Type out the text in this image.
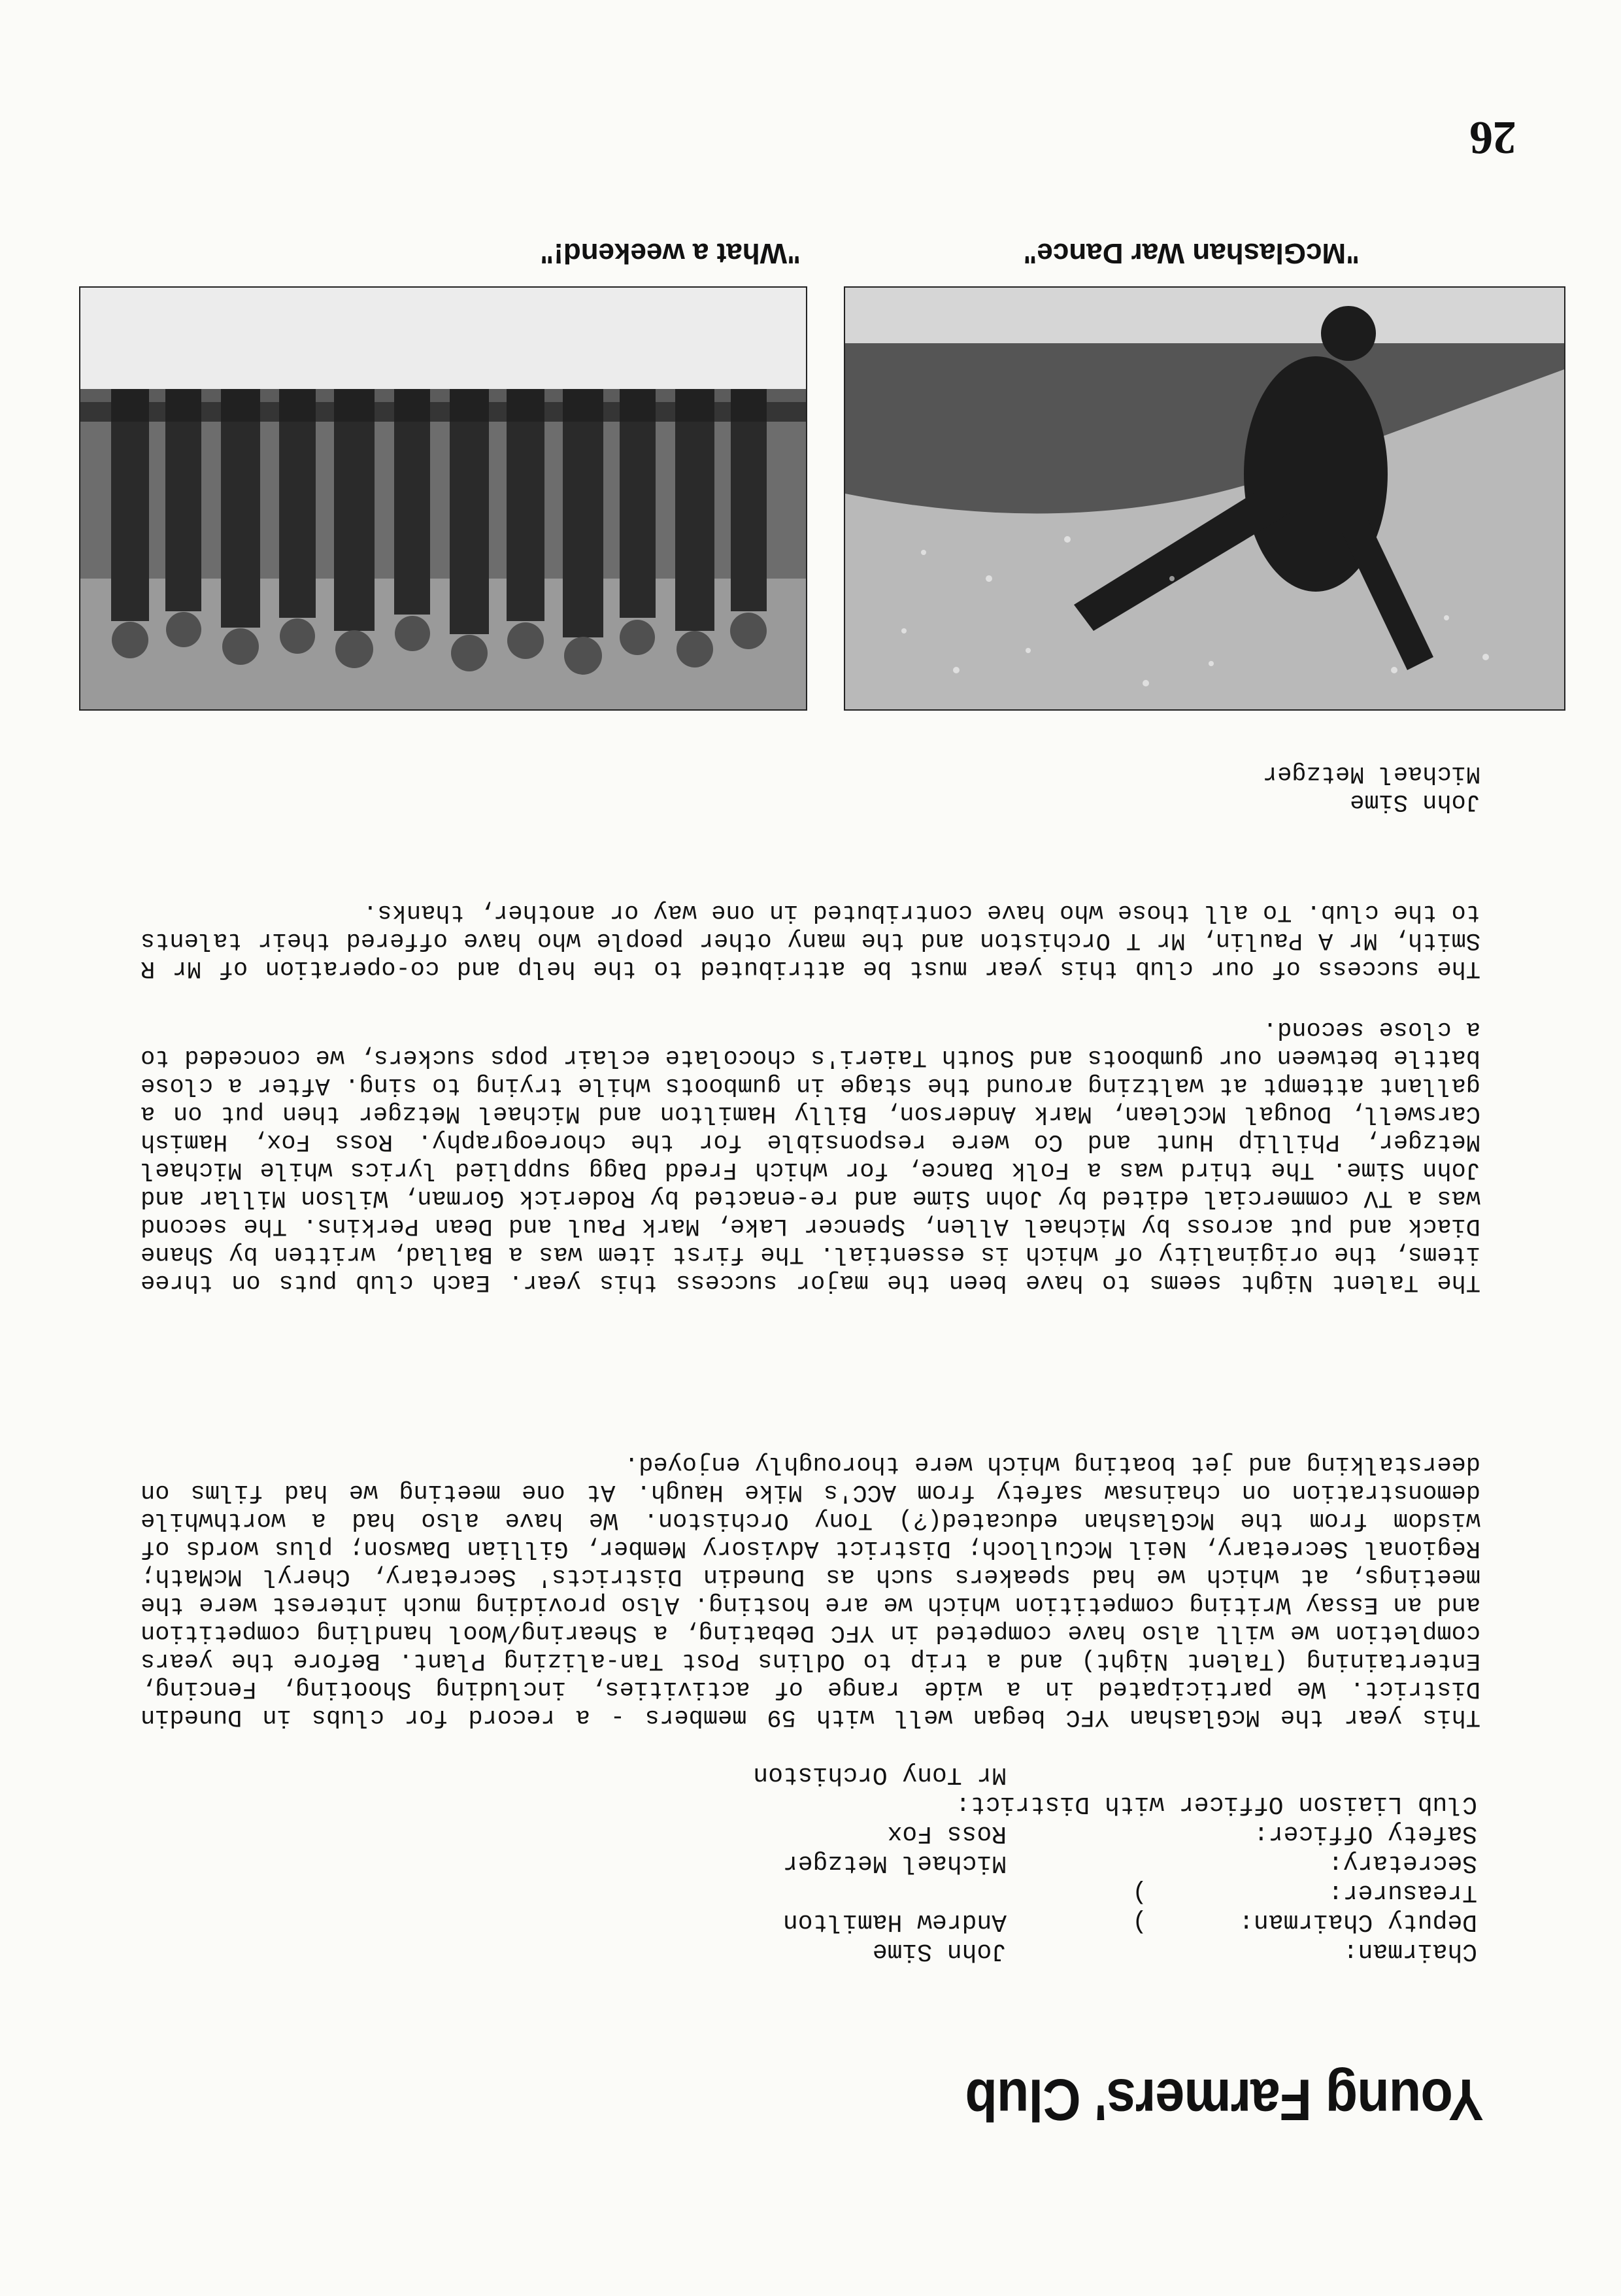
26
Young Farmers' Club
Chairman:
John Sime
Deputy Chairman:
)
Andrew Hamilton
Treasurer:
)
Secretary:
Michael Metzger
Safety Officer:
Ross Fox
Club Liaison Officer with District:
Mr Tony Orchiston

This year the McGlashan YFC began well with 59 members - a record for clubs in Dunedin District. We participated in a wide range of activities, including Shooting, Fencing, Entertaining (Talent Night) and a trip to Odlins Post Tan-alizing Plant. Before the years completion we will also have competed in YFC Debating, a Shearing/Wool handling competition and an Essay Writing competition which we are hosting. Also providing much interest were the meetings, at which we had speakers such as Dunedin Districts' Secretary, Cheryl McMath; Regional Secretary, Neil McCulloch; District Advisory Member, Gillian Dawson; plus words of wisdom from the McGlashan educated(?) Tony Orchiston. We have also had a worthwhile demonstration on chainsaw safety from ACC's Mike Haugh. At one meeting we had films on deerstalking and jet boating which were thoroughly enjoyed.

The Talent Night seems to have been the major success this year. Each club puts on three items, the originality of which is essential. The first item was a Ballad, written by Shane Diack and put across by Michael Allen, Spencer Lake, Mark Paul and Dean Perkins. The second was a TV commercial edited by John Sime and re-enacted by Roderick Gorman, Wilson Millar and John Sime. The third was a Folk Dance, for which Fredd Dagg supplied lyrics while Michael Metzger, Phillip Hunt and Co were responsible for the choreography. Ross Fox, Hamish Carswell, Dougal McClean, Mark Anderson, Billy Hamilton and Michael Metzger then put on a gallant attempt at waltzing around the stage in gumboots while trying to sing. After a close battle between our gumboots and South Taieri's chocolate eclair pops suckers, we conceded to a close second.

The success of our club this year must be attributed to the help and co-operation of Mr R Smith, Mr A Paulin, Mr T Orchiston and the many other people who have offered their talents to the club. To all those who have contributed in one way or another, thanks.

John Sime
Michael Metzger
"What a weekend!"	"McGlashan War Dance"
